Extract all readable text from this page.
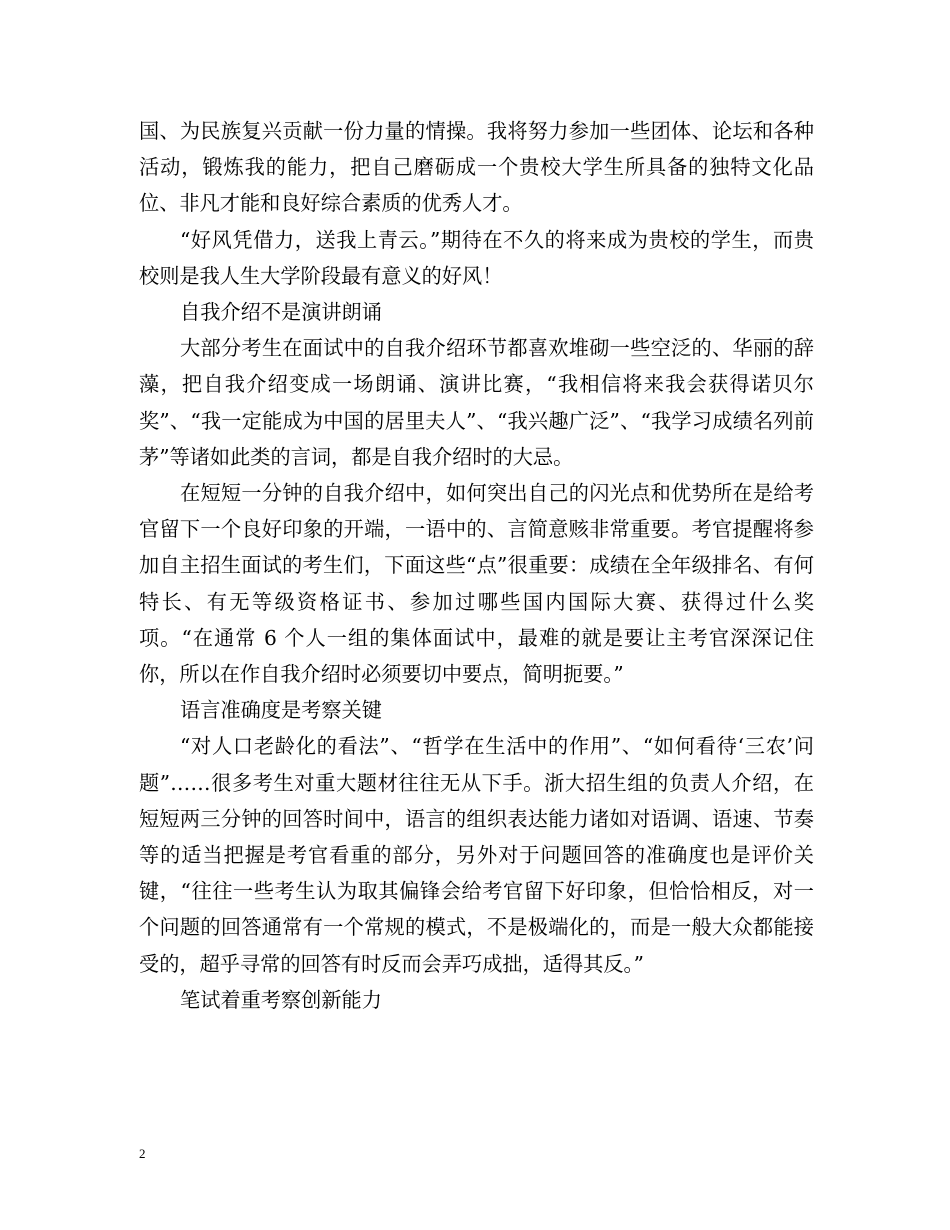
国、为民族复兴贡献一份力量的情操。我将努力参加一些团体、论坛和各种活动，锻炼我的能力，把自己磨砺成一个贵校大学生所具备的独特文化品位、非凡才能和良好综合素质的优秀人才。

“好风凭借力，送我上青云。”期待在不久的将来成为贵校的学生，而贵校则是我人生大学阶段最有意义的好风！

自我介绍不是演讲朗诵

大部分考生在面试中的自我介绍环节都喜欢堆砌一些空泛的、华丽的辞藻，把自我介绍变成一场朗诵、演讲比赛，“我相信将来我会获得诺贝尔奖”、“我一定能成为中国的居里夫人”、“我兴趣广泛”、“我学习成绩名列前茅”等诸如此类的言词，都是自我介绍时的大忌。

在短短一分钟的自我介绍中，如何突出自己的闪光点和优势所在是给考官留下一个良好印象的开端，一语中的、言简意赅非常重要。考官提醒将参加自主招生面试的考生们，下面这些“点”很重要：成绩在全年级排名、有何特长、有无等级资格证书、参加过哪些国内国际大赛、获得过什么奖项。“在通常 6 个人一组的集体面试中，最难的就是要让主考官深深记住你，所以在作自我介绍时必须要切中要点，简明扼要。”

语言准确度是考察关键

“对人口老龄化的看法”、“哲学在生活中的作用”、“如何看待‘三农’问题”……很多考生对重大题材往往无从下手。浙大招生组的负责人介绍，在短短两三分钟的回答时间中，语言的组织表达能力诸如对语调、语速、节奏等的适当把握是考官看重的部分，另外对于问题回答的准确度也是评价关键，“往往一些考生认为取其偏锋会给考官留下好印象，但恰恰相反，对一个问题的回答通常有一个常规的模式，不是极端化的，而是一般大众都能接受的，超乎寻常的回答有时反而会弄巧成拙，适得其反。”

笔试着重考察创新能力

2
